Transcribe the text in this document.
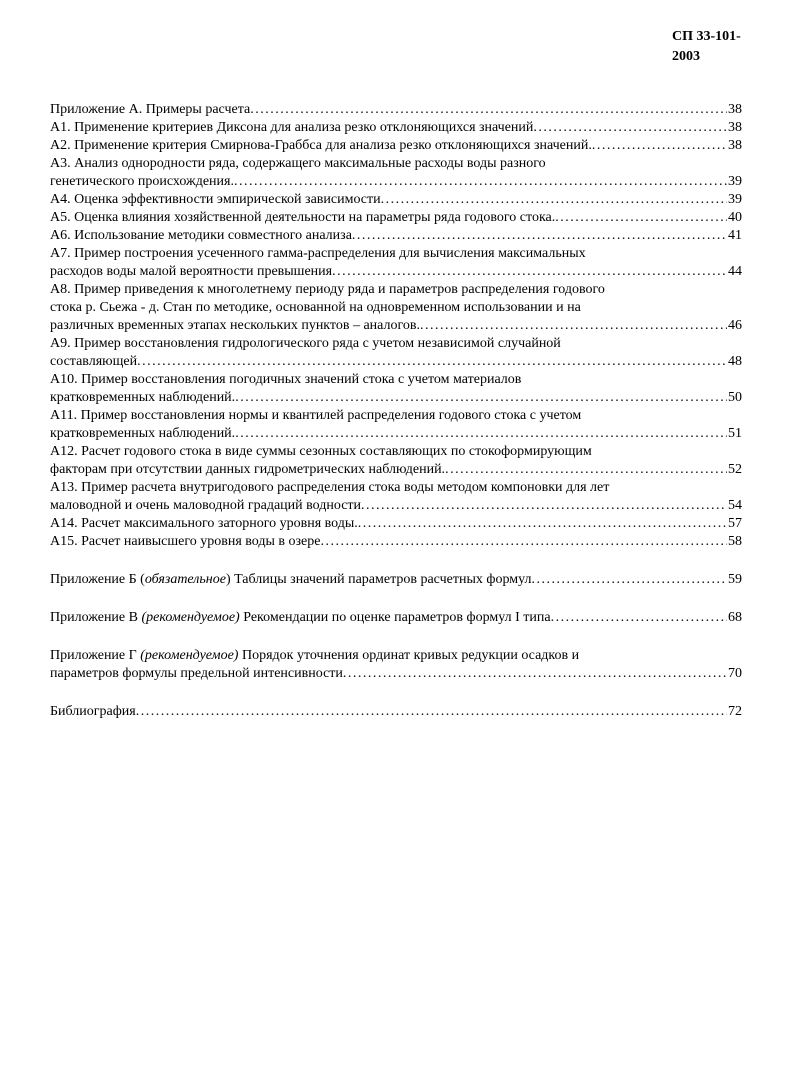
СП 33-101-
2003
Приложение А. Примеры расчета . . .	38
А1. Применение критериев Диксона для анализа резко отклоняющихся значений . . .	38
А2. Применение критерия Смирнова-Граббса для анализа резко отклоняющихся значений. . . .	38
А3. Анализ однородности ряда, содержащего максимальные расходы воды разного
генетического происхождения. . . .	39
А4. Оценка эффективности эмпирической зависимости . . .	39
А5. Оценка влияния хозяйственной деятельности на параметры ряда годового стока. . . .	40
А6. Использование методики совместного анализа . . .	41
А7. Пример построения усеченного гамма-распределения для вычисления максимальных
расходов воды малой вероятности превышения . . .	44
А8. Пример приведения к многолетнему периоду ряда и параметров распределения годового
стока р. Сьежа - д. Стан по методике, основанной на одновременном использовании и на
различных временных этапах нескольких пунктов – аналогов. . . .	46
А9. Пример восстановления гидрологического ряда с учетом независимой случайной
составляющей . . .	48
А10. Пример восстановления погодичных значений стока с учетом материалов
кратковременных наблюдений. . . .	50
А11. Пример восстановления нормы и квантилей распределения годового стока с учетом
кратковременных наблюдений. . . .	51
А12. Расчет годового стока в виде суммы сезонных составляющих по стокоформирующим
факторам при отсутствии данных гидрометрических наблюдений. . . .	52
А13. Пример расчета внутригодового распределения стока воды методом компоновки для лет
маловодной и очень маловодной градаций водности . . .	54
А14. Расчет максимального заторного уровня воды. . . .	57
А15. Расчет наивысшего уровня воды в озере . . .	58
Приложение Б (обязательное) Таблицы значений параметров расчетных формул . . .	59
Приложение В (рекомендуемое) Рекомендации по оценке параметров формул I типа . . .	68
Приложение Г (рекомендуемое) Порядок уточнения ординат кривых редукции осадков и
параметров формулы предельной интенсивности . . .	70
Библиография . . .	72
